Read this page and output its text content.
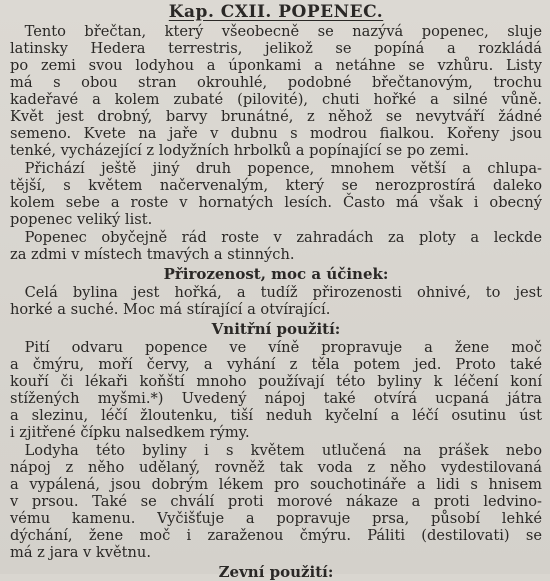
Kap. CXII. POPENEC.
 Tento břečtan, který všeobecně se nazývá popenec, sluje
latinsky Hedera terrestris, jelikož se popíná a rozkládá
po zemi svou lodyhou a úponkami a netáhne se vzhůru. Listy
má s obou stran okrouhlé, podobné břečtanovým, trochu
kadeřavé a kolem zubaté (pilovité), chuti hořké a silné vůně.
Květ jest drobný, barvy brunátné, z něhož se nevytváří žádné
semeno. Kvete na jaře v dubnu s modrou fialkou. Kořeny jsou
tenké, vycházející z lodyžních hrbolků a popínající se po zemi.
 Přichází ještě jiný druh popence, mnohem větší a chlupa-
tější, s květem načervenalým, který se nerozprostírá daleko
kolem sebe a roste v hornatých lesích. Často má však i obecný
popenec veliký list.
 Popenec obyčejně rád roste v zahradách za ploty a leckde
za zdmi v místech tmavých a stinných.
Přirozenost, moc a účinek:
 Celá bylina jest hořká, a tudíž přirozenosti ohnivé, to jest
horké a suché. Moc má stírající a otvírající.
Vnitřní použití:
 Pití odvaru popence ve víně propravuje a žene moč
a čmýru, moří červy, a vyhání z těla potem jed. Proto také
kouří či lékaři koňští mnoho používají této byliny k léčení koní
stížených myšmi.*) Uvedený nápoj také otvírá ucpaná játra
a slezinu, léčí žloutenku, tiší neduh kyčelní a léčí osutinu úst
i zjitřené čípku nalsedkem rýmy.
 Lodyha této byliny i s květem utlučená na prášek nebo
nápoj z něho udělaný, rovněž tak voda z něho vydestilovaná
a vypálená, jsou dobrým lékem pro souchotináře a lidi s hnisem
v prsou. Také se chválí proti morové nákaze a proti ledvino-
vému kamenu. Vyčišťuje a popravuje prsa, působí lehké
dýchání, žene moč i zaraženou čmýru. Páliti (destilovati) se
má z jara v květnu.
Zevní použití:
